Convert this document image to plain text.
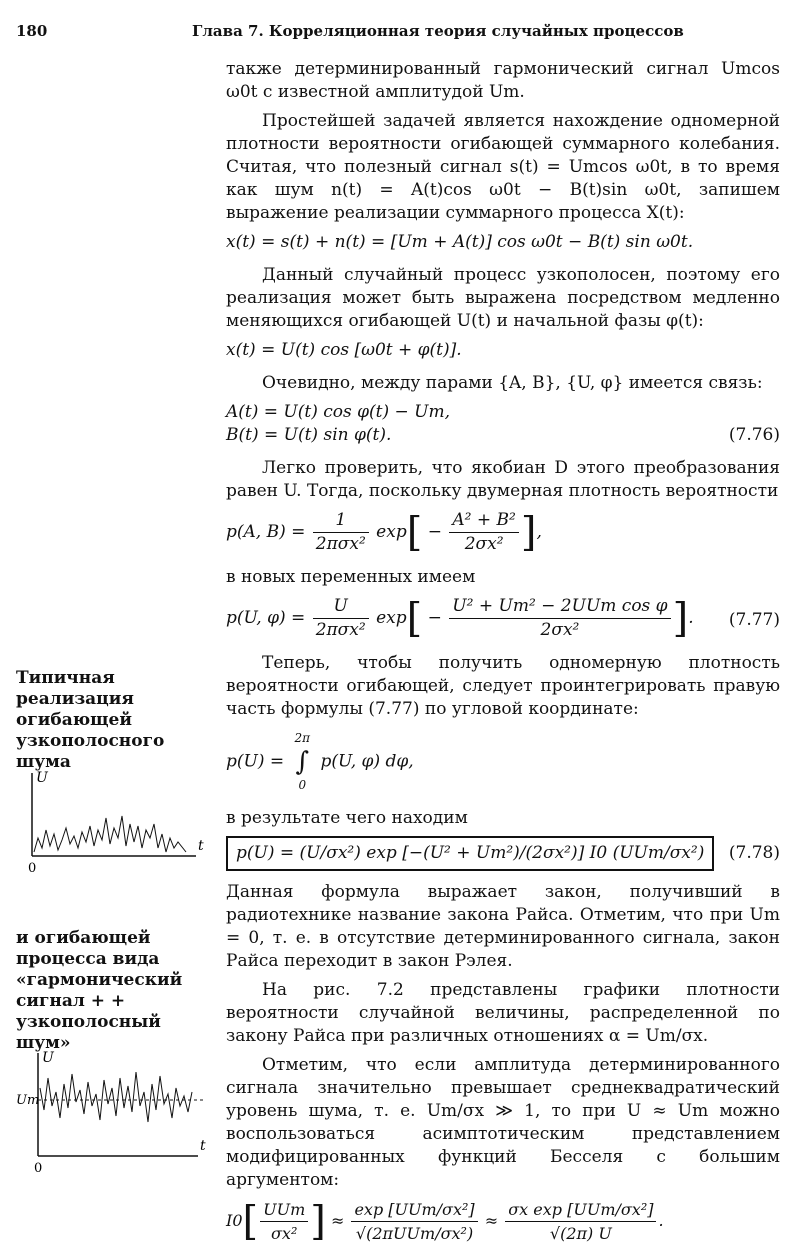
180	Глава 7. Корреляционная теория случайных процессов

также детерминированный гармонический сигнал Umcos ω0t с известной амплитудой Um.

Простейшей задачей является нахождение одномерной плотности вероятности огибающей суммарного колебания. Считая, что полезный сигнал s(t) = Umcos ω0t, в то время как шум n(t) = A(t)cos ω0t − B(t)sin ω0t, запишем выражение реализации суммарного процесса X(t):

x(t) = s(t) + n(t) = [Um + A(t)] cos ω0t − B(t) sin ω0t.

Данный случайный процесс узкополосен, поэтому его реализация может быть выражена посредством медленно меняющихся огибающей U(t) и начальной фазы φ(t):

x(t) = U(t) cos [ω0t + φ(t)].

Очевидно, между парами {A, B}, {U, φ} имеется связь:

A(t) = U(t) cos φ(t) − Um,
B(t) = U(t) sin φ(t).	(7.76)

Легко проверить, что якобиан D этого преобразования равен U. Тогда, поскольку двумерная плотность вероятности

p(A, $B) = \frac{1}{\text{2πσx²}} \exp[ - \frac{\text{A² + B²}}{\text{2σx²}}$ ],

в новых переменных имеем

p(U, $\varphi) = \frac{U}{\text{2πσx²}} \exp[ - \frac{\text{U² + Um² − 2UUm cos φ}}{\text{2σx²}}$ ]. (7.77)

Теперь, чтобы получить одномерную плотность вероятности огибающей, следует проинтегрировать правую часть формулы (7.77) по угловой координате:

p(U) =
2π
∫
0
p(U, φ) dφ,

в результате чего находим

p(U) = (U/σx²) exp [−(U² + Um²)/(2σx²)] I0 (UUm/σx²) (7.78)

Данная формула выражает закон, получивший в радиотехнике название закона Райса. Отметим, что при Um = 0, т. е. в отсутствие детерминированного сигнала, закон Райса переходит в закон Рэлея.

На рис. 7.2 представлены графики плотности вероятности случайной величины, распределенной по закону Райса при различных отношениях α = Um/σx.

Отметим, что если амплитуда детерминированного сигнала значительно превышает среднеквадратический уровень шума, т. е. Um/σx ≫ 1, то при U ≈ Um можно воспользоваться асимптотическим представлением модифицированных функций Бесселя с большим аргументом:

$I0[ \frac{\text{UUm}}{\text{σx²}}$ ] ≈ $\frac{\text{exp [UUm/σx²]}}{\text{√(2πUUm/σx²)}} \approx \frac{\text{σx exp [UUm/σx²]}}{√(2\pi) U}$ .
Типичная реализация огибающей узкополосного шума
U
t
0
и огибающей процесса вида «гармонический сигнал + + узкополосный шум»
U
t
0
Um
